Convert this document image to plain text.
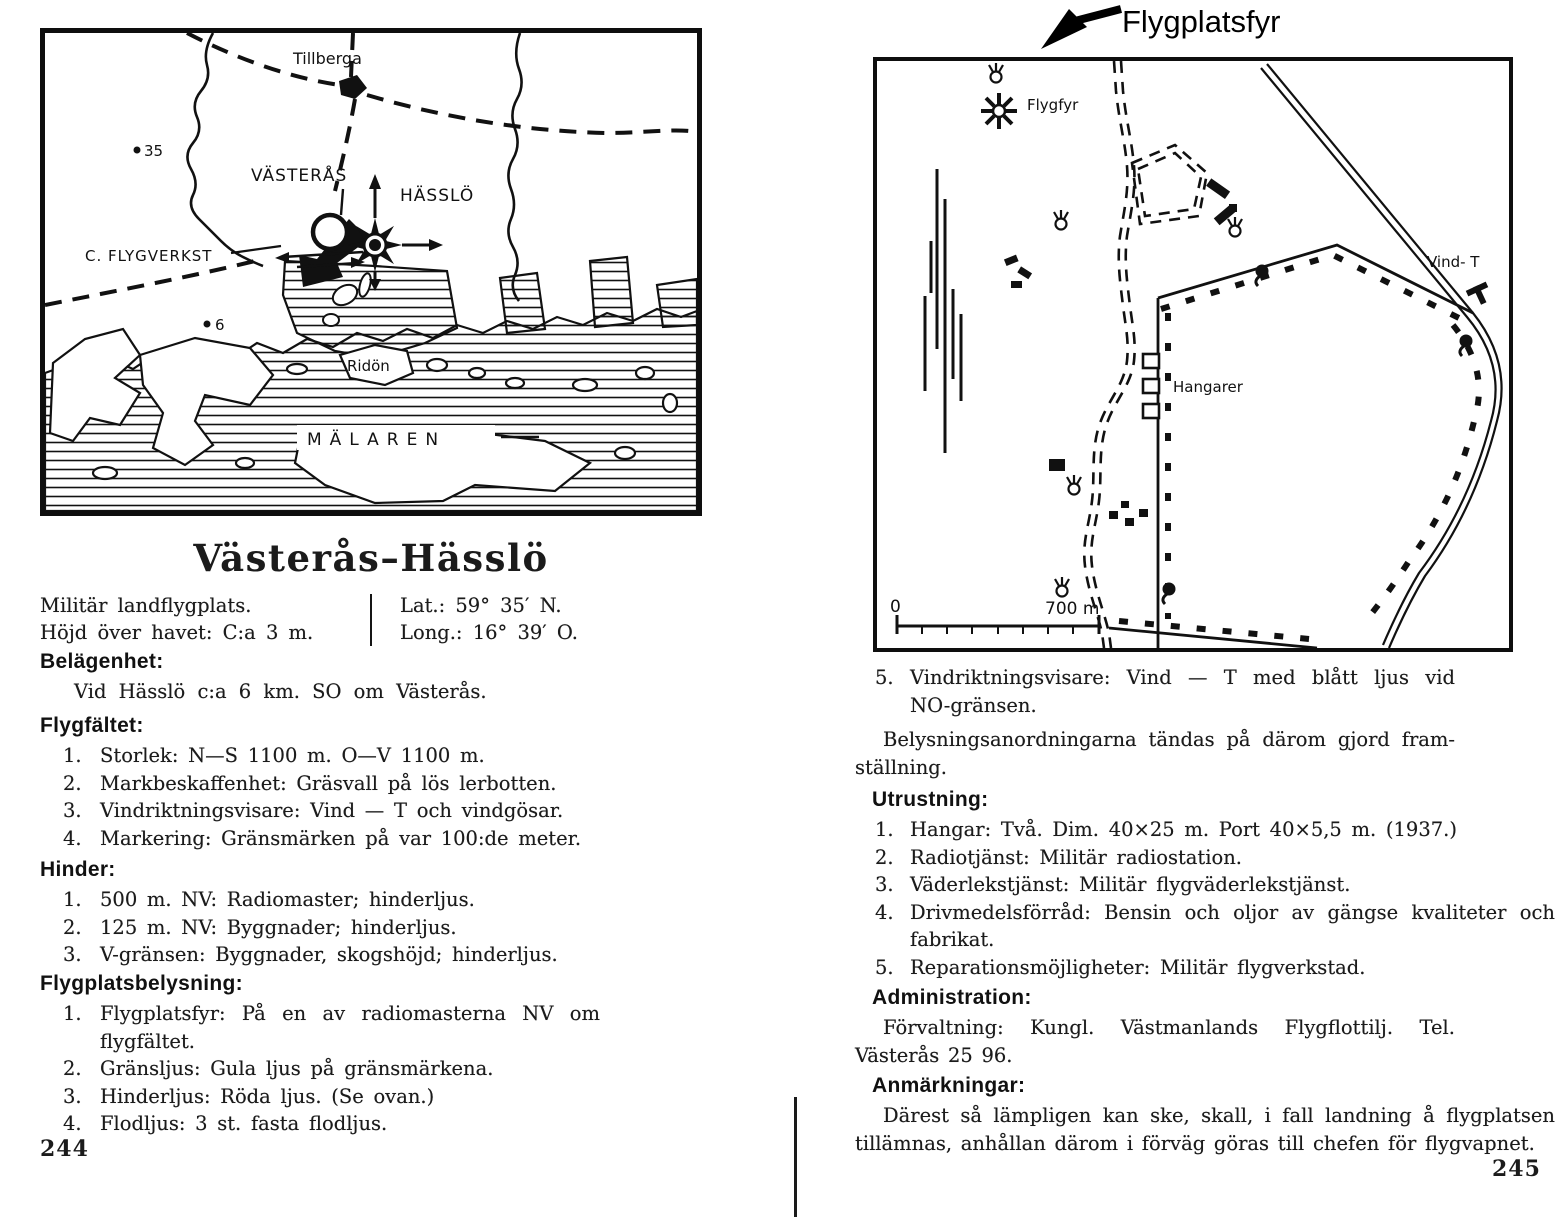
Tillberga
35
VÄSTERÅS
HÄSSLÖ
C. FLYGVERKST
6
Ridön
MÄLAREN
Västerås–Hässlö
Militär landflygplats.
Höjd över havet: C:a 3 m.
Lat.: 59° 35′ N.
Long.: 16° 39′ O.
Belägenhet:
Vid Hässlö c:a 6 km. SO om Västerås.
Flygfältet:
1. Storlek: N—S 1100 m. O—V 1100 m.
2. Markbeskaffenhet: Gräsvall på lös lerbotten.
3. Vindriktningsvisare: Vind — T och vindgösar.
4. Markering: Gränsmärken på var 100:de meter.
Hinder:
1. 500 m. NV: Radiomaster; hinderljus.
2. 125 m. NV: Byggnader; hinderljus.
3. V-gränsen: Byggnader, skogshöjd; hinderljus.
Flygplatsbelysning:
1. Flygplatsfyr: På en av radiomasterna NV om flygfältet.
2. Gränsljus: Gula ljus på gränsmärkena.
3. Hinderljus: Röda ljus. (Se ovan.)
4. Flodljus: 3 st. fasta flodljus.
244
Flygplatsfyr
Flygfyr
Hangarer
Vind- T
0	700 m
5. Vindriktningsvisare: Vind — T med blått ljus vid NO-gränsen.
Belysningsanordningarna tändas på därom gjord framställning.
Utrustning:
1. Hangar: Två. Dim. 40×25 m. Port 40×5,5 m. (1937.)
2. Radiotjänst: Militär radiostation.
3. Väderlekstjänst: Militär flygväderlekstjänst.
4. Drivmedelsförråd: Bensin och oljor av gängse kvaliteter och fabrikat.
5. Reparationsmöjligheter: Militär flygverkstad.
Administration:
Förvaltning: Kungl. Västmanlands Flygflottilj. Tel. Västerås 25 96.
Anmärkningar:
Därest så lämpligen kan ske, skall, i fall landning å flygplatsen tillämnas, anhållan därom i förväg göras till chefen för flygvapnet.
245
